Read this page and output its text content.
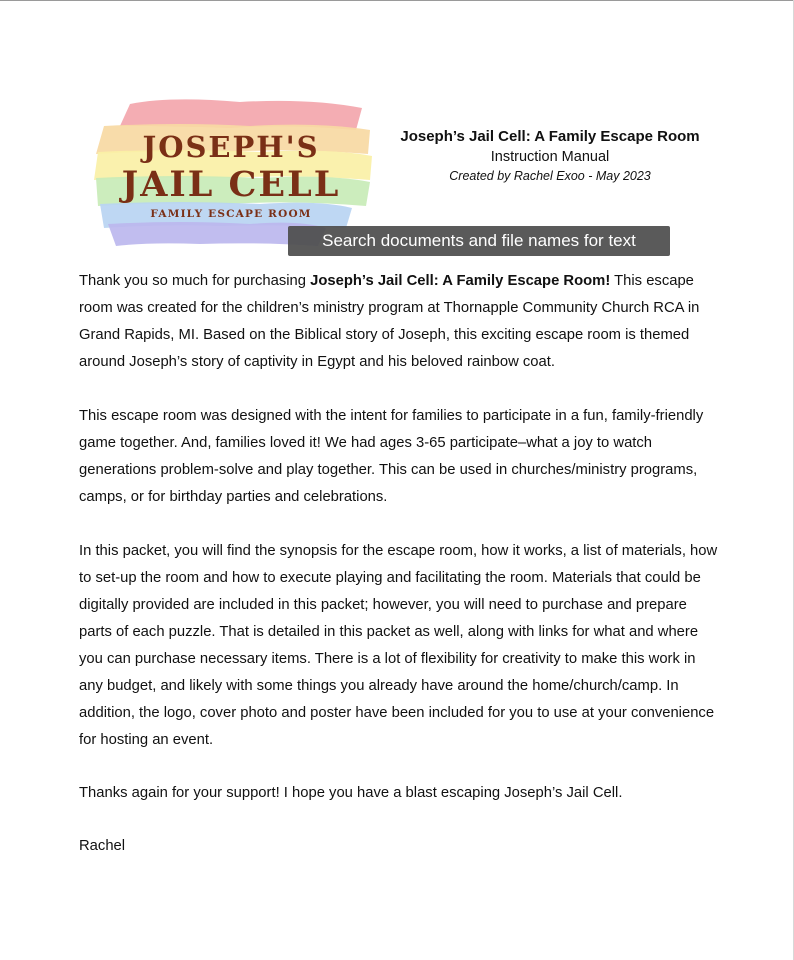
JOSEPH'S
JAIL CELL
FAMILY ESCAPE ROOM
Joseph’s Jail Cell: A Family Escape Room
Instruction Manual
Created by Rachel Exoo - May 2023
Search documents and file names for text

Thank you so much for purchasing Joseph’s Jail Cell: A Family Escape Room! This escape room was created for the children’s ministry program at Thornapple Community Church RCA in Grand Rapids, MI. Based on the Biblical story of Joseph, this exciting escape room is themed around Joseph’s story of captivity in Egypt and his beloved rainbow coat.

This escape room was designed with the intent for families to participate in a fun, family-friendly game together. And, families loved it! We had ages 3-65 participate–what a joy to watch generations problem-solve and play together. This can be used in churches/ministry programs, camps, or for birthday parties and celebrations.

In this packet, you will find the synopsis for the escape room, how it works, a list of materials, how to set-up the room and how to execute playing and facilitating the room. Materials that could be digitally provided are included in this packet; however, you will need to purchase and prepare parts of each puzzle. That is detailed in this packet as well, along with links for what and where you can purchase necessary items. There is a lot of flexibility for creativity to make this work in any budget, and likely with some things you already have around the home/church/camp. In addition, the logo, cover photo and poster have been included for you to use at your convenience for hosting an event.

Thanks again for your support! I hope you have a blast escaping Joseph’s Jail Cell.

Rachel
